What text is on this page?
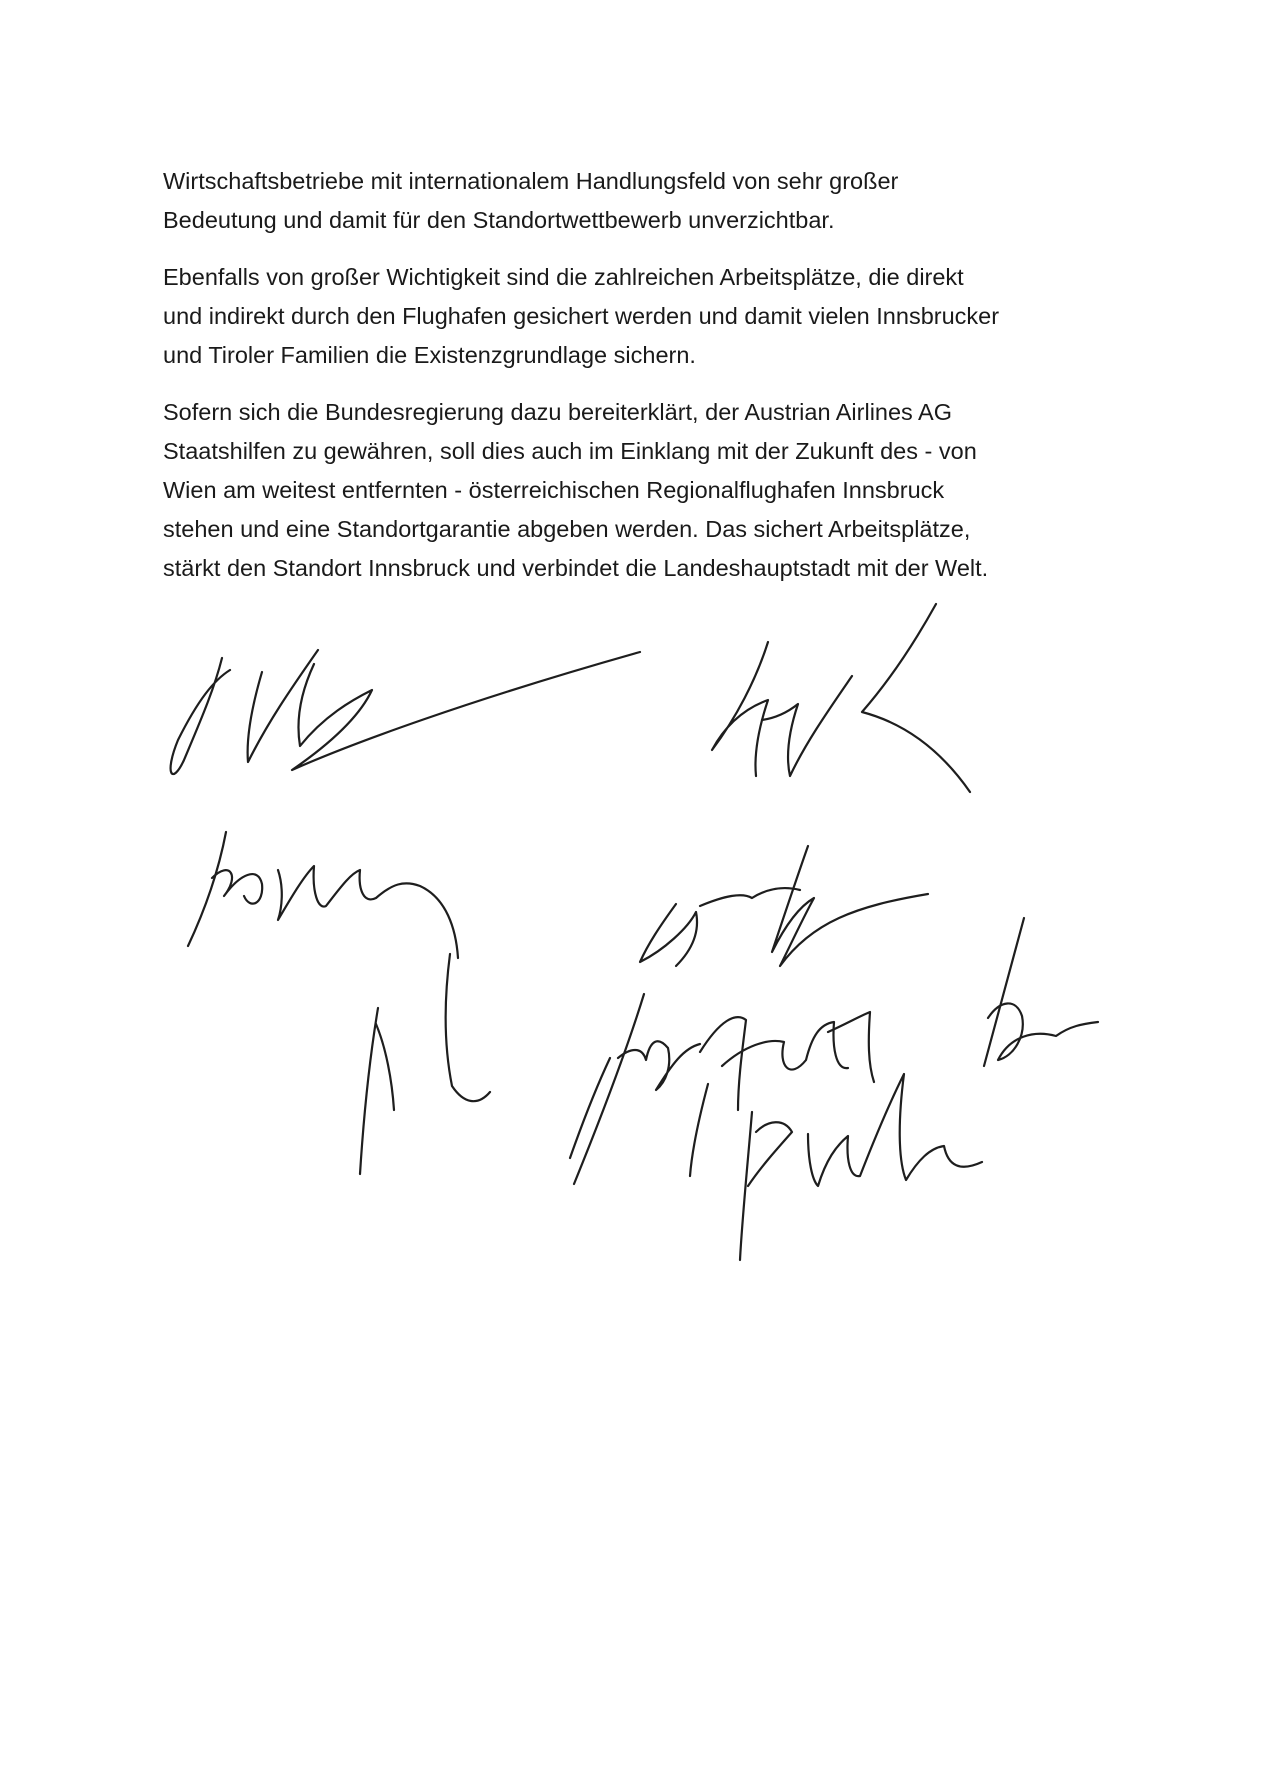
Wirtschaftsbetriebe mit internationalem Handlungsfeld von sehr großer
Bedeutung und damit für den Standortwettbewerb unverzichtbar.

Ebenfalls von großer Wichtigkeit sind die zahlreichen Arbeitsplätze, die direkt
und indirekt durch den Flughafen gesichert werden und damit vielen Innsbrucker
und Tiroler Familien die Existenzgrundlage sichern.

Sofern sich die Bundesregierung dazu bereiterklärt, der Austrian Airlines AG
Staatshilfen zu gewähren, soll dies auch im Einklang mit der Zukunft des - von
Wien am weitest entfernten - österreichischen Regionalflughafen Innsbruck
stehen und eine Standortgarantie abgeben werden. Das sichert Arbeitsplätze,
stärkt den Standort Innsbruck und verbindet die Landeshauptstadt mit der Welt.
